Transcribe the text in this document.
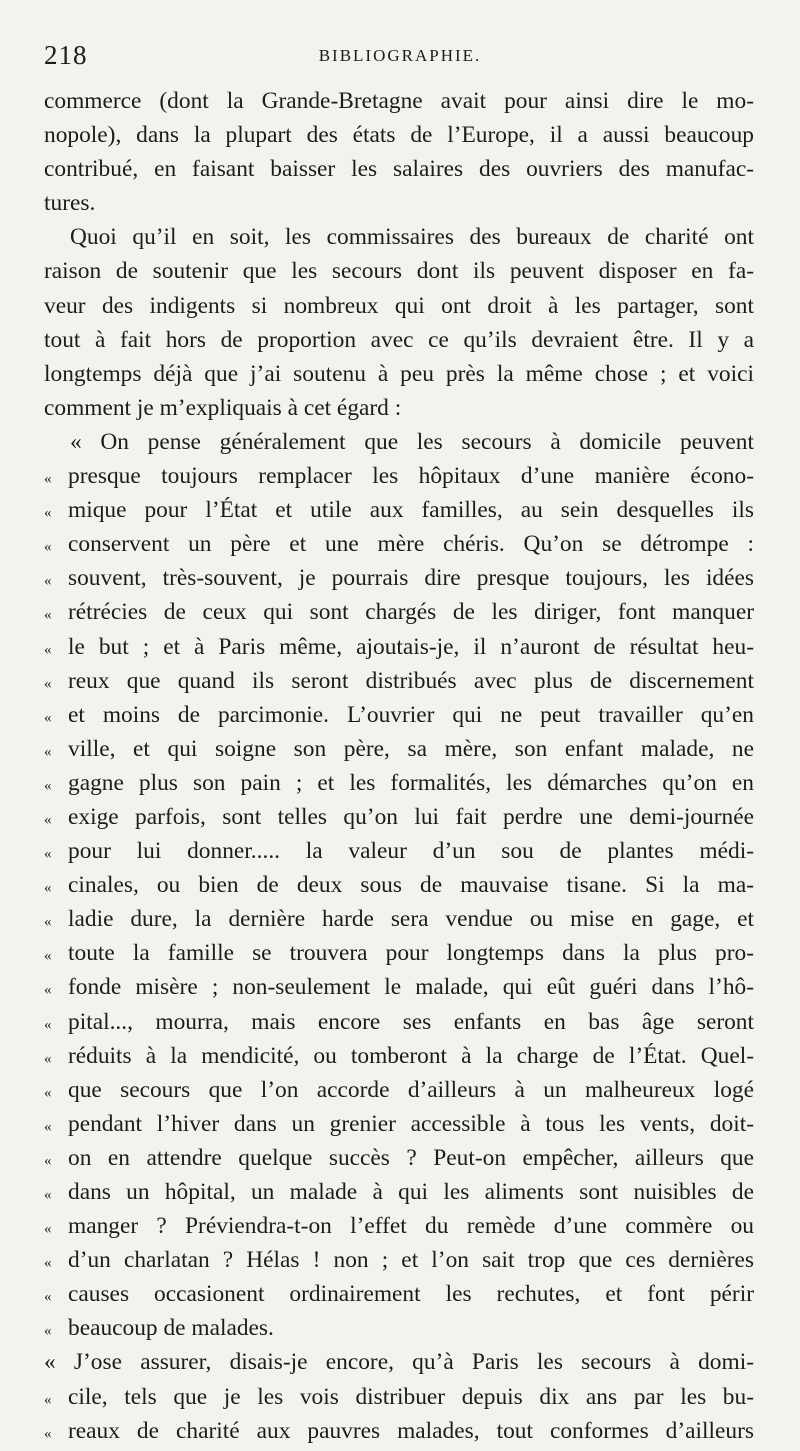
218	BIBLIOGRAPHIE.
commerce (dont la Grande-Bretagne avait pour ainsi dire le mo-
nopole), dans la plupart des états de l’Europe, il a aussi beaucoup
contribué, en faisant baisser les salaires des ouvriers des manufac-
tures.
Quoi qu’il en soit, les commissaires des bureaux de charité ont
raison de soutenir que les secours dont ils peuvent disposer en fa-
veur des indigents si nombreux qui ont droit à les partager, sont
tout à fait hors de proportion avec ce qu’ils devraient être. Il y a
longtemps déjà que j’ai soutenu à peu près la même chose ; et voici
comment je m’expliquais à cet égard :
« On pense généralement que les secours à domicile peuvent
« presque toujours remplacer les hôpitaux d’une manière écono-
« mique pour l’État et utile aux familles, au sein desquelles ils
« conservent un père et une mère chéris. Qu’on se détrompe :
« souvent, très-souvent, je pourrais dire presque toujours, les idées
« rétrécies de ceux qui sont chargés de les diriger, font manquer
« le but ; et à Paris même, ajoutais-je, il n’auront de résultat heu-
« reux que quand ils seront distribués avec plus de discernement
« et moins de parcimonie. L’ouvrier qui ne peut travailler qu’en
« ville, et qui soigne son père, sa mère, son enfant malade, ne
« gagne plus son pain ; et les formalités, les démarches qu’on en
« exige parfois, sont telles qu’on lui fait perdre une demi-journée
« pour lui donner..... la valeur d’un sou de plantes médi-
« cinales, ou bien de deux sous de mauvaise tisane. Si la ma-
« ladie dure, la dernière harde sera vendue ou mise en gage, et
« toute la famille se trouvera pour longtemps dans la plus pro-
« fonde misère ; non-seulement le malade, qui eût guéri dans l’hô-
« pital..., mourra, mais encore ses enfants en bas âge seront
« réduits à la mendicité, ou tomberont à la charge de l’État. Quel-
« que secours que l’on accorde d’ailleurs à un malheureux logé
« pendant l’hiver dans un grenier accessible à tous les vents, doit-
« on en attendre quelque succès ? Peut-on empêcher, ailleurs que
« dans un hôpital, un malade à qui les aliments sont nuisibles de
« manger ? Préviendra-t-on l’effet du remède d’une commère ou
« d’un charlatan ? Hélas ! non ; et l’on sait trop que ces dernières
« causes occasionent ordinairement les rechutes, et font périr
« beaucoup de malades.
« J’ose assurer, disais-je encore, qu’à Paris les secours à domi-
« cile, tels que je les vois distribuer depuis dix ans par les bu-
« reaux de charité aux pauvres malades, tout conformes d’ailleurs
